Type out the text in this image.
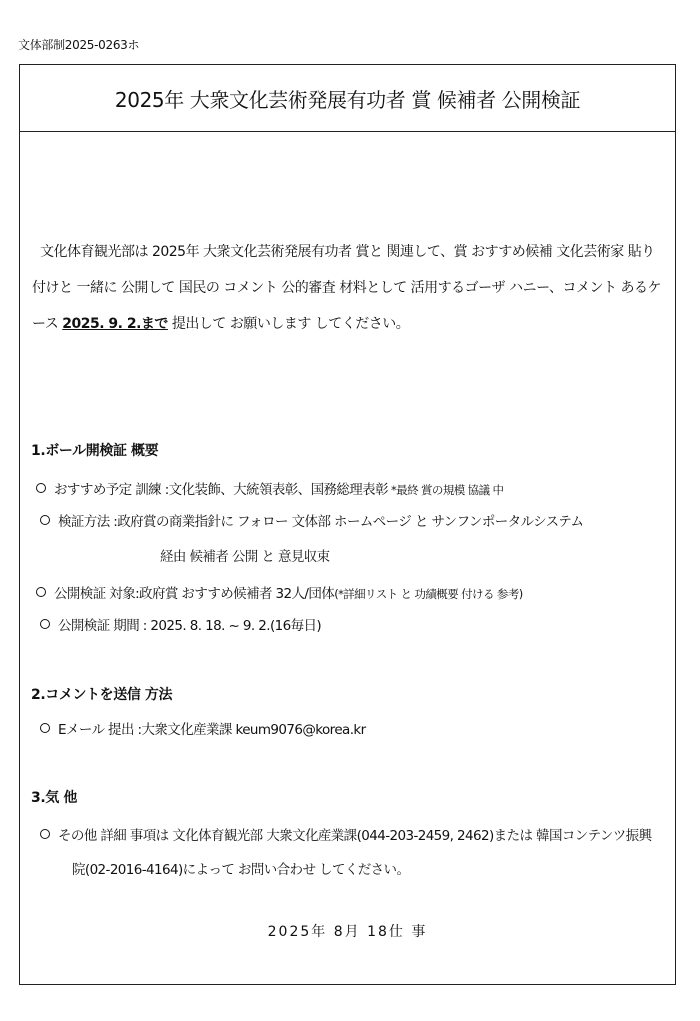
文体部制2025-0263ホ
2025年 大衆文化芸術発展有功者 賞 候補者 公開検証

文化体育観光部は 2025年 大衆文化芸術発展有功者 賞と 関連して、賞 おすすめ候補 文化芸術家 貼り付けと 一緒に 公開して 国民の コメント 公的審査 材料として 活用するゴーザ ハニー、コメント あるケース 2025. 9. 2.まで 提出して お願いします してください。

1.ボール開検証 概要

おすすめ予定 訓練 :文化装飾、大統領表彰、国務総理表彰 *最終 賞の規模 協議 中

検証方法 :政府賞の商業指針に フォロー 文体部 ホームページ と サンフンポータルシステム

経由 候補者 公開 と 意見収束

公開検証 対象:政府賞 おすすめ候補者 32人/団体(*詳細リスト と 功績概要 付ける 参考)

公開検証 期間 : 2025. 8. 18. ~ 9. 2.(16毎日)

2.コメントを送信 方法

Eメール 提出 :大衆文化産業課 keum9076@korea.kr

3.気 他

その他 詳細 事項は 文化体育観光部 大衆文化産業課(044-203-2459, 2462)または 韓国コンテンツ振興

院(02-2016-4164)によって お問い合わせ してください。

2025年 8月 18仕 事
